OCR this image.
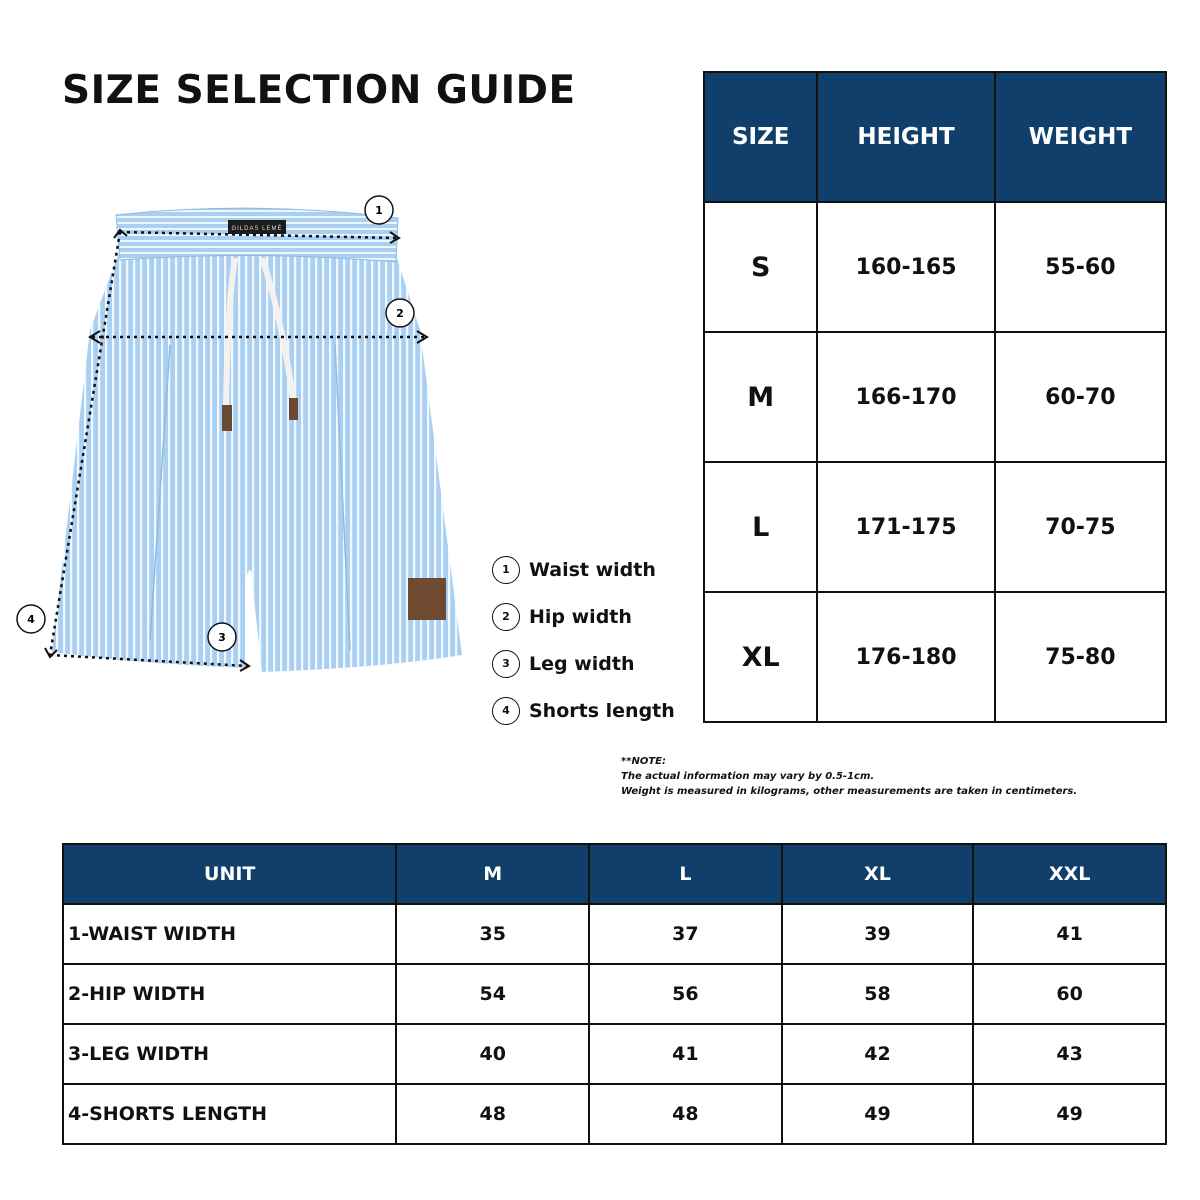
SIZE SELECTION GUIDE
GILDAS LEMÉ
1
2
3
4
1	Waist width
2	Hip width
3	Leg width
4	Shorts length
SIZE	HEIGHT	WEIGHT
S	160-165	55-60
M	166-170	60-70
L	171-175	70-75
XL	176-180	75-80
**NOTE:
The actual information may vary by 0.5-1cm.
Weight is measured in kilograms, other measurements are taken in centimeters.
UNIT	M	L	XL	XXL
1-WAIST WIDTH	35	37	39	41
2-HIP WIDTH	54	56	58	60
3-LEG WIDTH	40	41	42	43
4-SHORTS LENGTH	48	48	49	49
